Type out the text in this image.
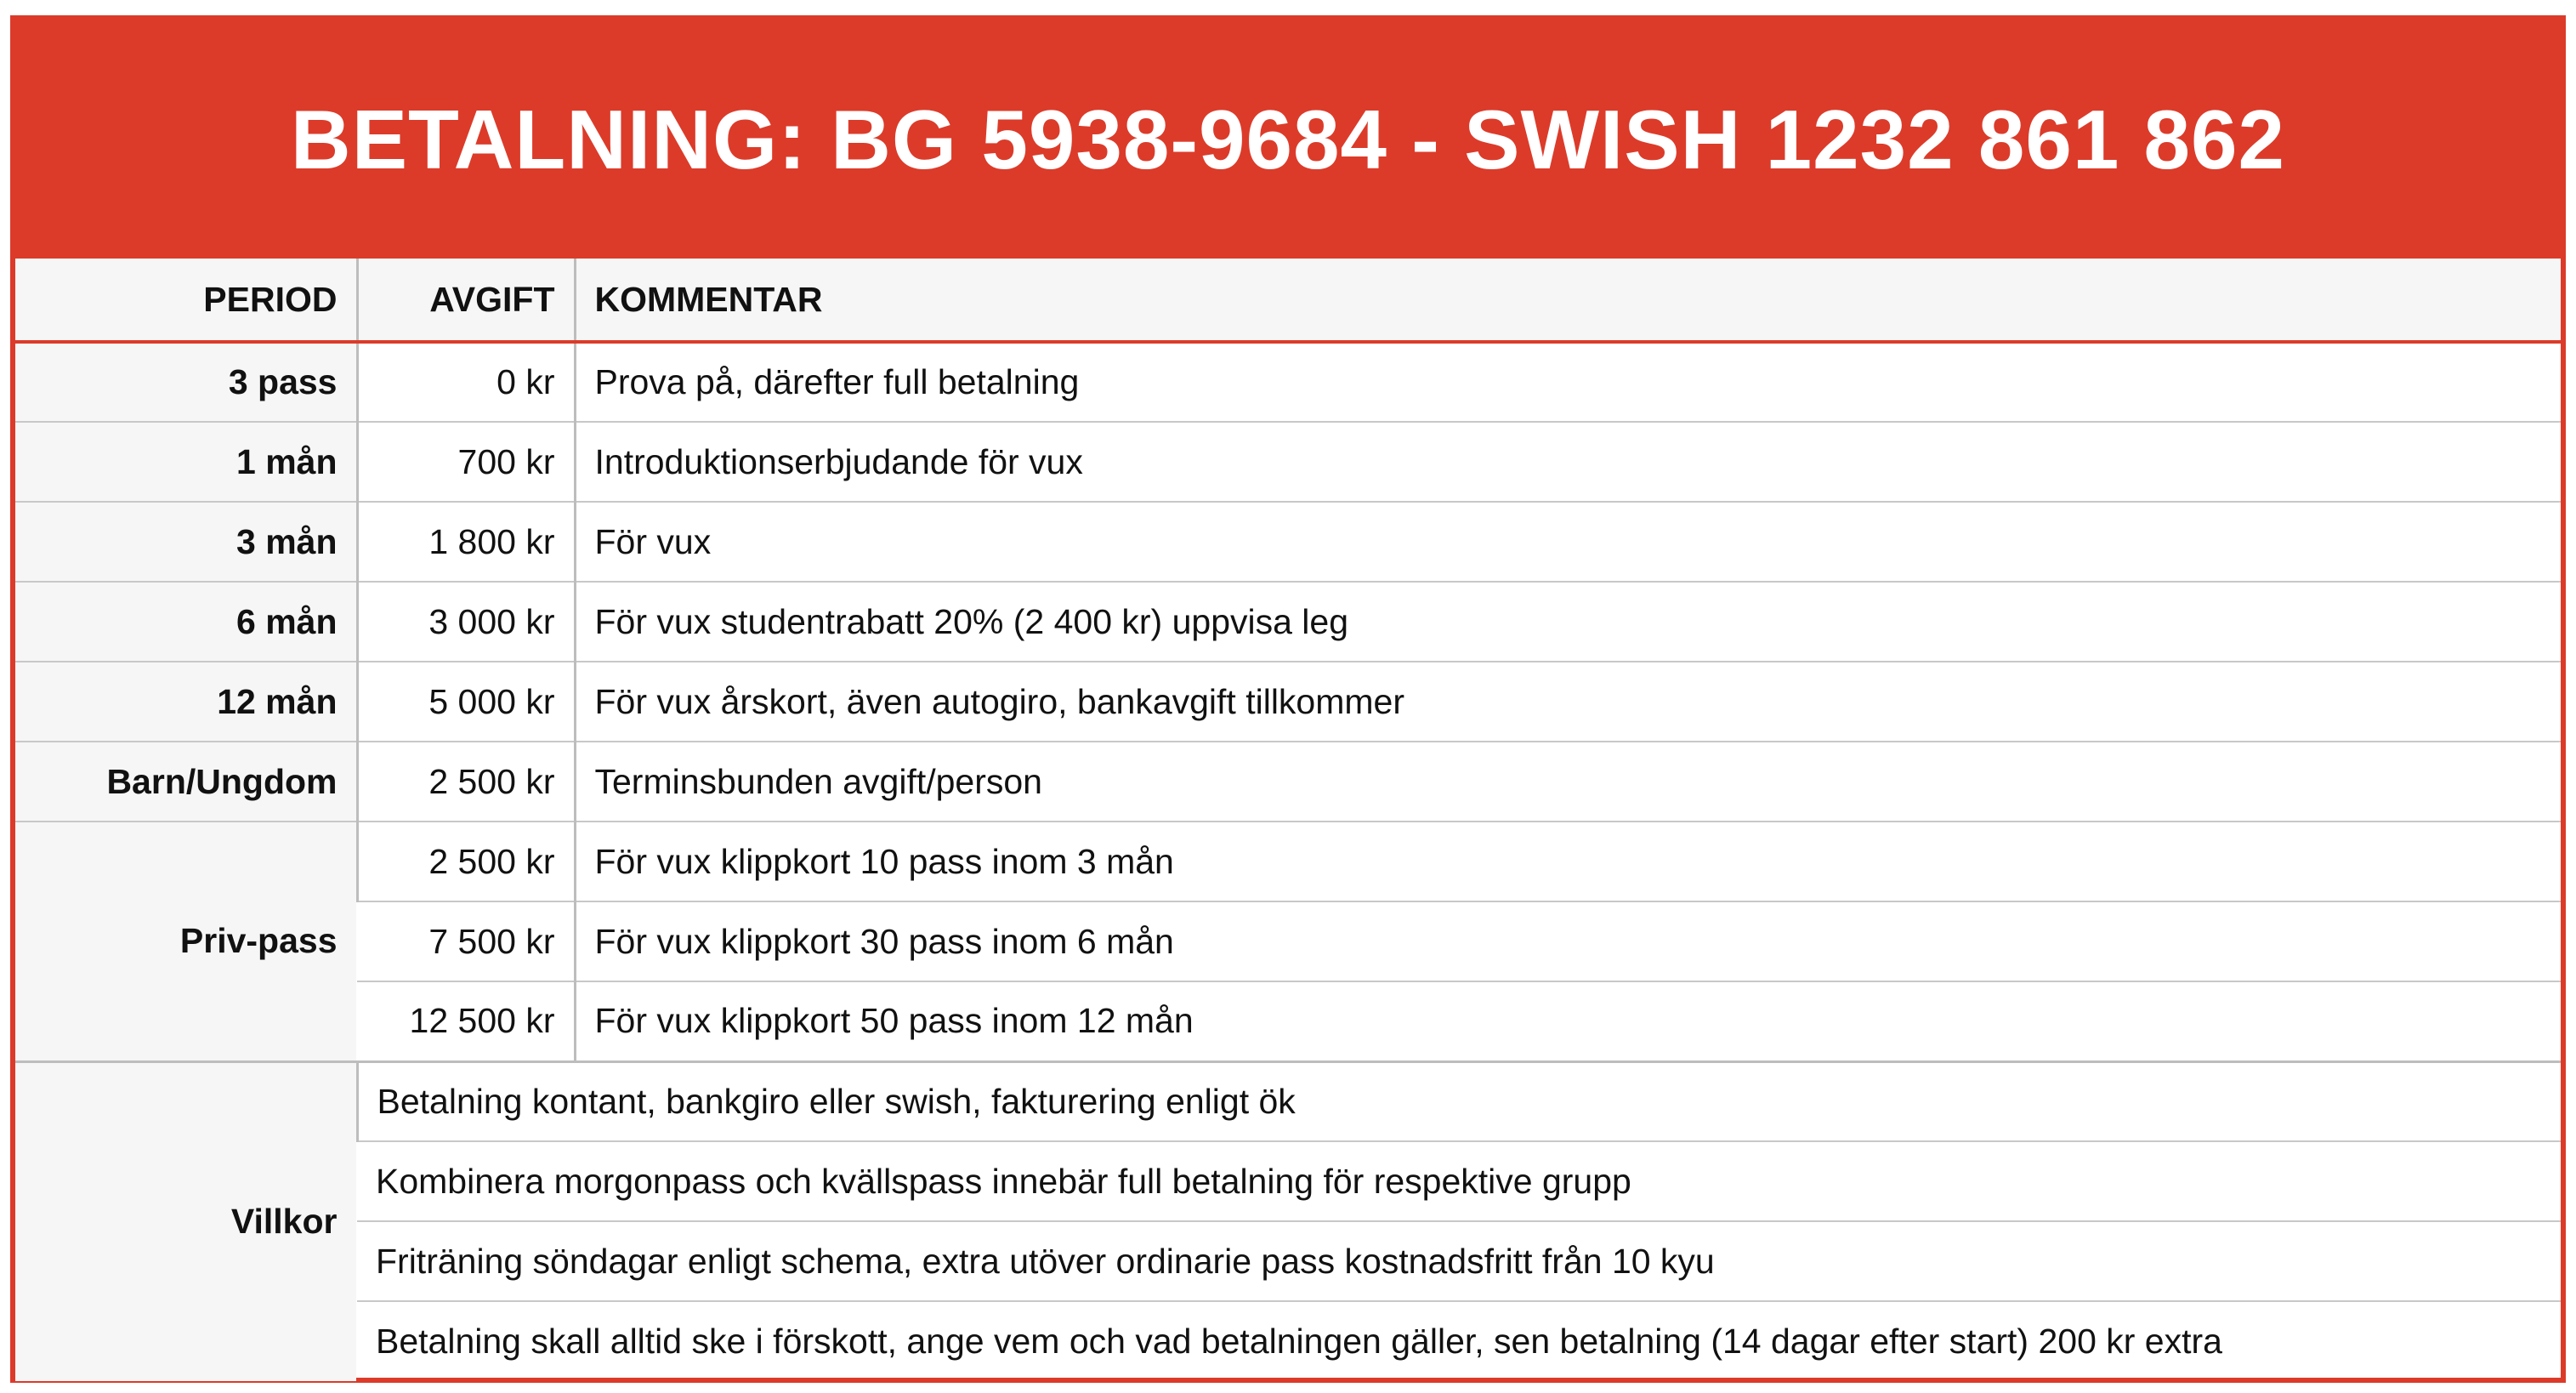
BETALNING: BG 5938-9684 - SWISH 1232 861 862
PERIOD	AVGIFT	KOMMENTAR
3 pass	0 kr	Prova på, därefter full betalning
1 mån	700 kr	Introduktionserbjudande för vux
3 mån	1 800 kr	För vux
6 mån	3 000 kr	För vux studentrabatt 20% (2 400 kr) uppvisa leg
12 mån	5 000 kr	För vux årskort, även autogiro, bankavgift tillkommer
Barn/Ungdom	2 500 kr	Terminsbunden avgift/person
Priv-pass	2 500 kr	För vux klippkort 10 pass inom 3 mån
	7 500 kr	För vux klippkort 30 pass inom 6 mån
	12 500 kr	För vux klippkort 50 pass inom 12 mån
Villkor	Betalning kontant, bankgiro eller swish, fakturering enligt ök	
	Kombinera morgonpass och kvällspass innebär full betalning för respektive grupp	
	Friträning söndagar enligt schema, extra utöver ordinarie pass kostnadsfritt från 10 kyu	
	Betalning skall alltid ske i förskott, ange vem och vad betalningen gäller, sen betalning (14 dagar efter start) 200 kr extra	
